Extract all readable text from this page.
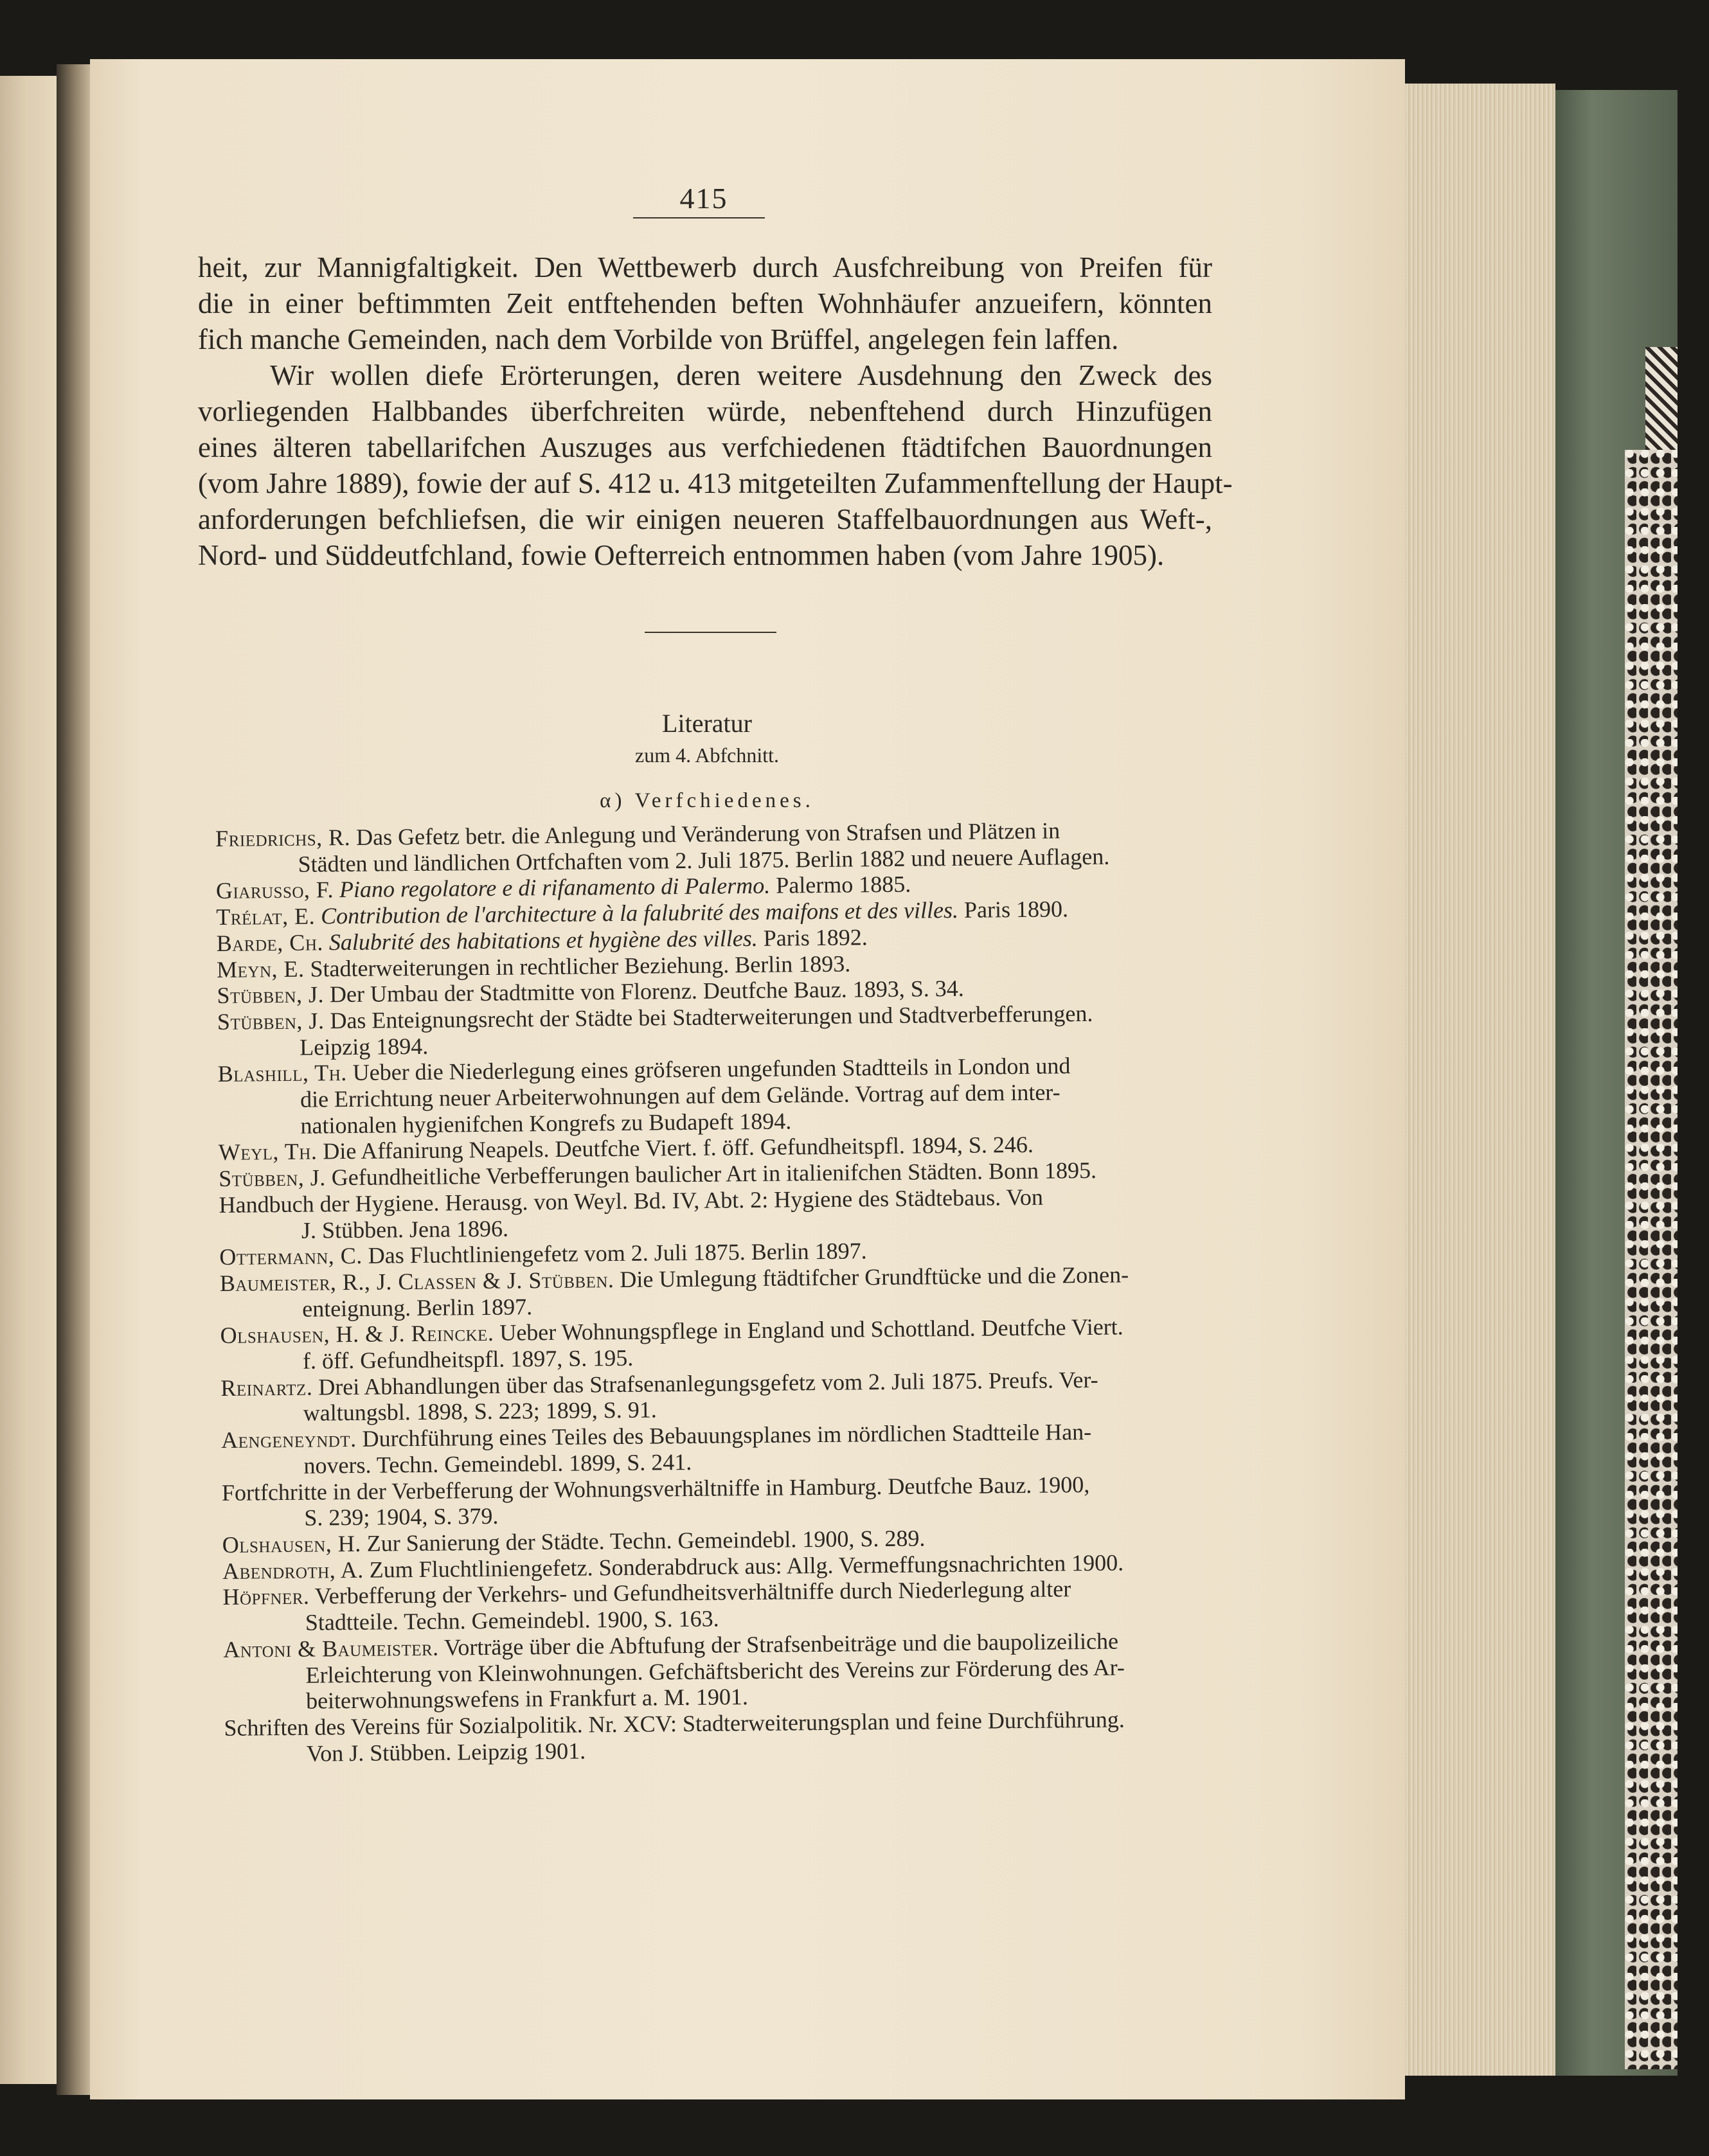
415
heit, zur Mannigfaltigkeit. Den Wettbewerb durch Ausfchreibung von Preifen für
die in einer beftimmten Zeit entftehenden beften Wohnhäufer anzueifern, könnten
fich manche Gemeinden, nach dem Vorbilde von Brüffel, angelegen fein laffen.
Wir wollen diefe Erörterungen, deren weitere Ausdehnung den Zweck des
vorliegenden Halbbandes überfchreiten würde, nebenftehend durch Hinzufügen
eines älteren tabellarifchen Auszuges aus verfchiedenen ftädtifchen Bauordnungen
(vom Jahre 1889), fowie der auf S. 412 u. 413 mitgeteilten Zufammenftellung der Haupt-
anforderungen befchliefsen, die wir einigen neueren Staffelbauordnungen aus Weft-,
Nord- und Süddeutfchland, fowie Oefterreich entnommen haben (vom Jahre 1905).
Literatur
zum 4. Abfchnitt.
α) Verfchiedenes.
Friedrichs, R. Das Gefetz betr. die Anlegung und Veränderung von Strafsen und Plätzen in
Städten und ländlichen Ortfchaften vom 2. Juli 1875. Berlin 1882 und neuere Auflagen.
Giarusso, F. Piano regolatore e di rifanamento di Palermo. Palermo 1885.
Trélat, E. Contribution de l'architecture à la falubrité des maifons et des villes. Paris 1890.
Barde, Ch. Salubrité des habitations et hygiène des villes. Paris 1892.
Meyn, E. Stadterweiterungen in rechtlicher Beziehung. Berlin 1893.
Stübben, J. Der Umbau der Stadtmitte von Florenz. Deutfche Bauz. 1893, S. 34.
Stübben, J. Das Enteignungsrecht der Städte bei Stadterweiterungen und Stadtverbefferungen.
Leipzig 1894.
Blashill, Th. Ueber die Niederlegung eines gröfseren ungefunden Stadtteils in London und
die Errichtung neuer Arbeiterwohnungen auf dem Gelände. Vortrag auf dem inter-
nationalen hygienifchen Kongrefs zu Budapeft 1894.
Weyl, Th. Die Affanirung Neapels. Deutfche Viert. f. öff. Gefundheitspfl. 1894, S. 246.
Stübben, J. Gefundheitliche Verbefferungen baulicher Art in italienifchen Städten. Bonn 1895.
Handbuch der Hygiene. Herausg. von Weyl. Bd. IV, Abt. 2: Hygiene des Städtebaus. Von
J. Stübben. Jena 1896.
Ottermann, C. Das Fluchtliniengefetz vom 2. Juli 1875. Berlin 1897.
Baumeister, R., J. Classen & J. Stübben. Die Umlegung ftädtifcher Grundftücke und die Zonen-
enteignung. Berlin 1897.
Olshausen, H. & J. Reincke. Ueber Wohnungspflege in England und Schottland. Deutfche Viert.
f. öff. Gefundheitspfl. 1897, S. 195.
Reinartz. Drei Abhandlungen über das Strafsenanlegungsgefetz vom 2. Juli 1875. Preufs. Ver-
waltungsbl. 1898, S. 223; 1899, S. 91.
Aengeneyndt. Durchführung eines Teiles des Bebauungsplanes im nördlichen Stadtteile Han-
novers. Techn. Gemeindebl. 1899, S. 241.
Fortfchritte in der Verbefferung der Wohnungsverhältniffe in Hamburg. Deutfche Bauz. 1900,
S. 239; 1904, S. 379.
Olshausen, H. Zur Sanierung der Städte. Techn. Gemeindebl. 1900, S. 289.
Abendroth, A. Zum Fluchtliniengefetz. Sonderabdruck aus: Allg. Vermeffungsnachrichten 1900.
Höpfner. Verbefferung der Verkehrs- und Gefundheitsverhältniffe durch Niederlegung alter
Stadtteile. Techn. Gemeindebl. 1900, S. 163.
Antoni & Baumeister. Vorträge über die Abftufung der Strafsenbeiträge und die baupolizeiliche
Erleichterung von Kleinwohnungen. Gefchäftsbericht des Vereins zur Förderung des Ar-
beiterwohnungswefens in Frankfurt a. M. 1901.
Schriften des Vereins für Sozialpolitik. Nr. XCV: Stadterweiterungsplan und feine Durchführung.
Von J. Stübben. Leipzig 1901.
